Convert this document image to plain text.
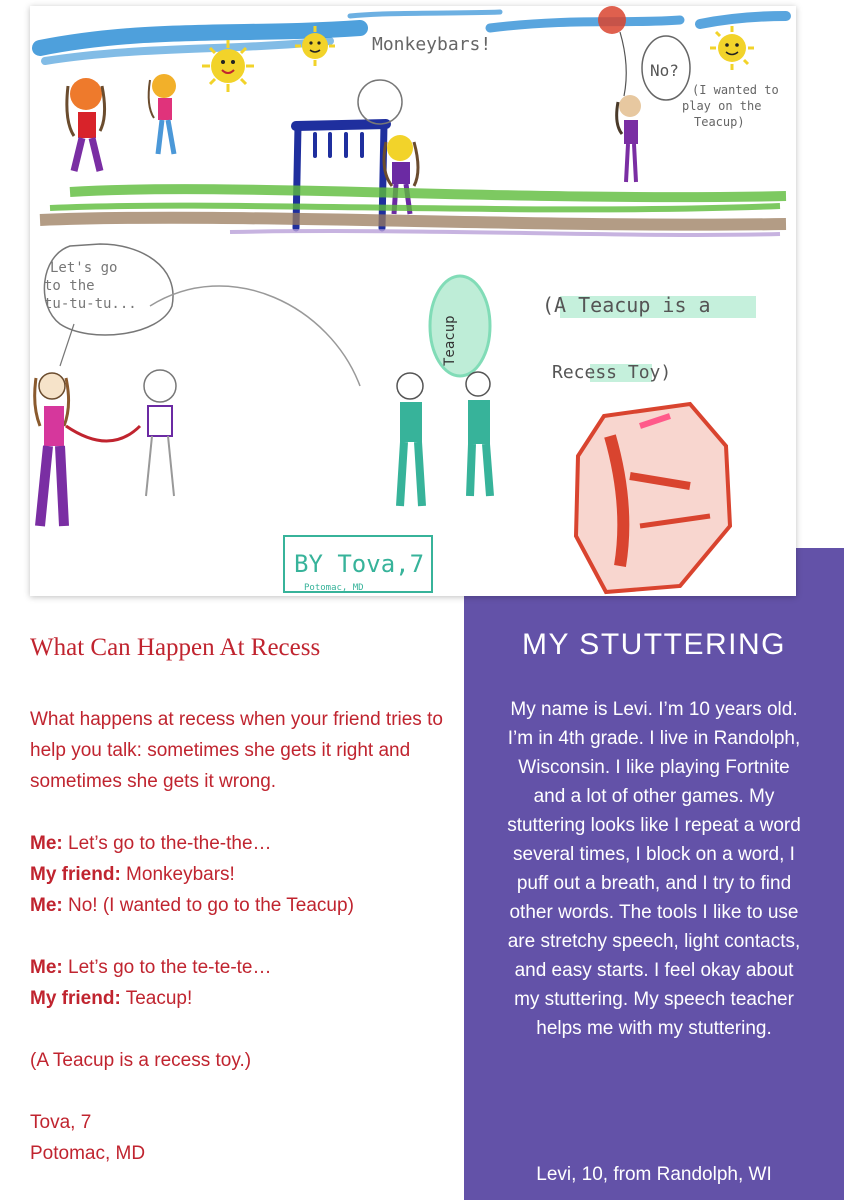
Monkeybars!
No?
(I wanted to
play on the
Teacup)
Let's go
to the
tu-tu-tu...
Teacup
(A Teacup is a
Recess Toy)
BY Tova,7
Potomac, MD
What Can Happen At Recess

What happens at recess when your friend tries to help you talk: sometimes she gets it right and sometimes she gets it wrong.

Me: Let’s go to the-the-the…

My friend: Monkeybars!

Me: No! (I wanted to go to the Teacup)

Me: Let’s go to the te-te-te…

My friend: Teacup!

(A Teacup is a recess toy.)

Tova, 7

Potomac, MD

MY STUTTERING

My name is Levi. I’m 10 years old. I’m in 4th grade. I live in Randolph, Wisconsin. I like playing Fortnite and a lot of other games. My stuttering looks like I repeat a word several times, I block on a word, I puff out a breath, and I try to find other words. The tools I like to use are stretchy speech, light contacts, and easy starts. I feel okay about my stuttering. My speech teacher helps me with my stuttering.

Levi, 10, from Randolph, WI
